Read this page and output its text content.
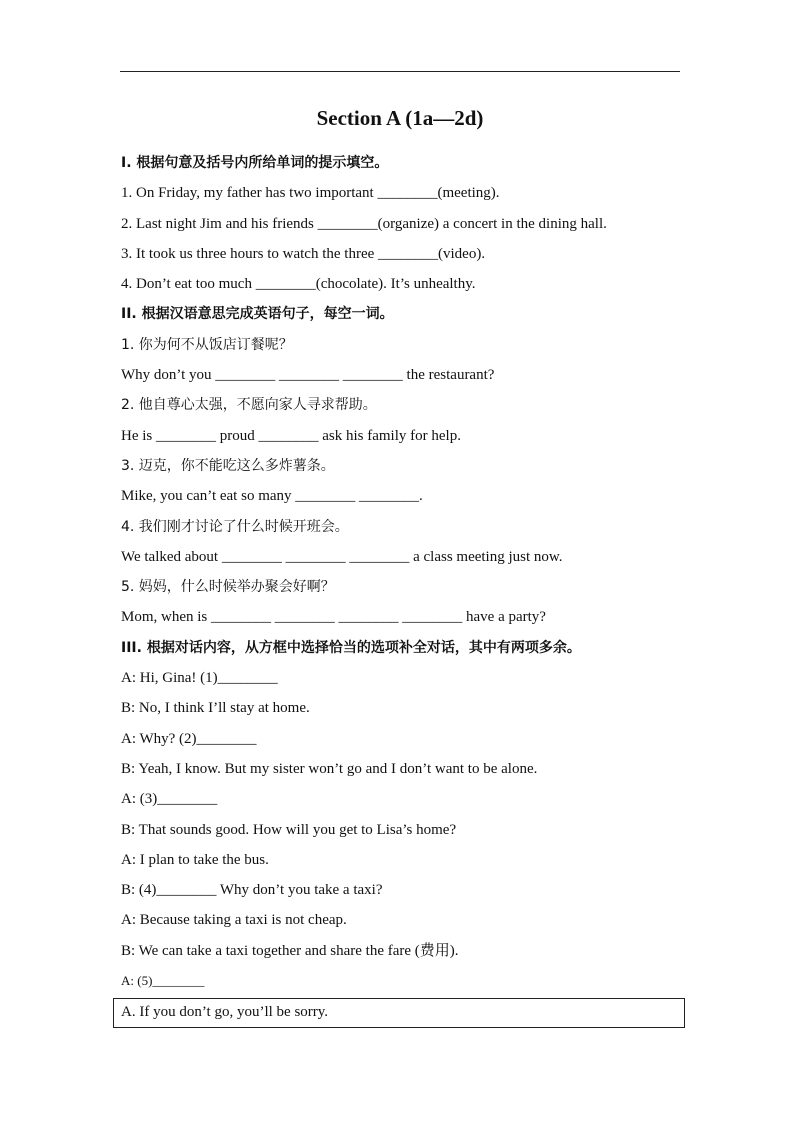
Section A (1a—2d)
I. 根据句意及括号内所给单词的提示填空。
1. On Friday, my father has two important ________(meeting).
2. Last night Jim and his friends ________(organize) a concert in the dining hall.
3. It took us three hours to watch the three ________(video).
4. Don’t eat too much ________(chocolate). It’s unhealthy.
II. 根据汉语意思完成英语句子，每空一词。
1. 你为何不从饭店订餐呢？
Why don’t you ________ ________ ________ the restaurant?
2. 他自尊心太强，不愿向家人寻求帮助。
He is ________ proud ________ ask his family for help.
3. 迈克，你不能吃这么多炸薯条。
Mike, you can’t eat so many ________ ________.
4. 我们刚才讨论了什么时候开班会。
We talked about ________ ________ ________ a class meeting just now.
5. 妈妈，什么时候举办聚会好啊？
Mom, when is ________ ________ ________ ________ have a party?
III. 根据对话内容，从方框中选择恰当的选项补全对话，其中有两项多余。
A: Hi, Gina! (1)________
B: No, I think I’ll stay at home.
A: Why? (2)________
B: Yeah, I know. But my sister won’t go and I don’t want to be alone.
A: (3)________
B: That sounds good. How will you get to Lisa’s home?
A: I plan to take the bus.
B: (4)________ Why don’t you take a taxi?
A: Because taking a taxi is not cheap.
B: We can take a taxi together and share the fare (费用).
A: (5)________
A. If you don’t go, you’ll be sorry.
